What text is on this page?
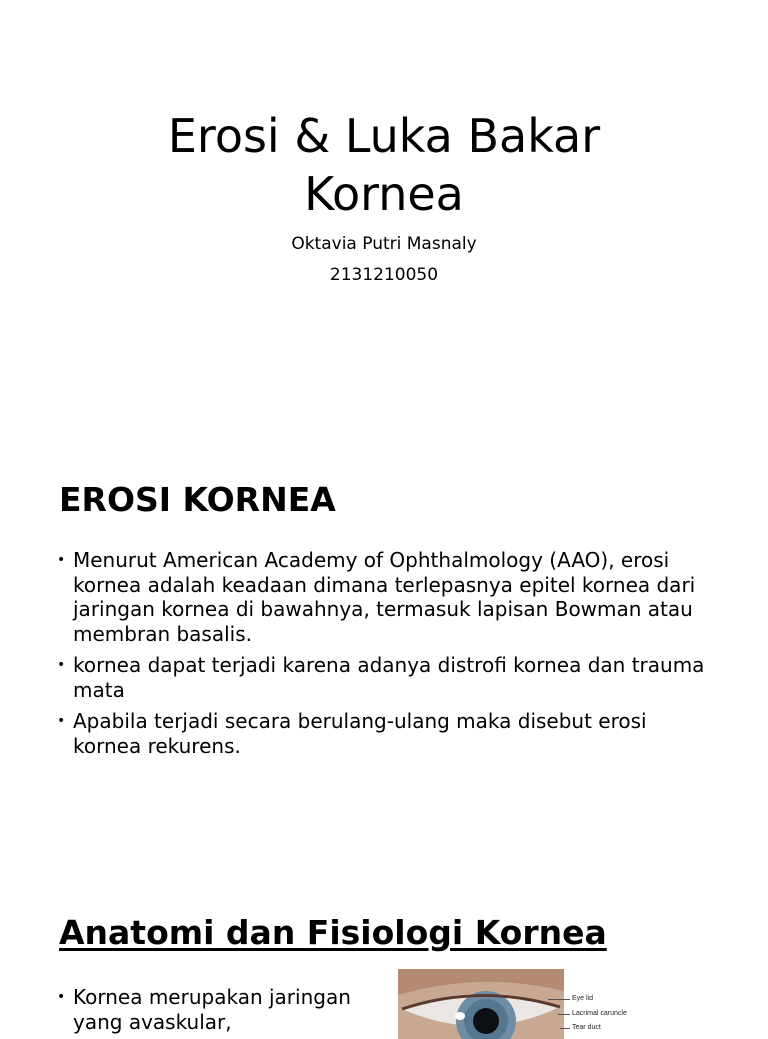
Erosi & Luka Bakar
Kornea
Oktavia Putri Masnaly
2131210050
EROSI KORNEA
• Menurut American Academy of Ophthalmology (AAO), erosi kornea adalah keadaan dimana terlepasnya epitel kornea dari jaringan kornea di bawahnya, termasuk lapisan Bowman atau membran basalis.
• kornea dapat terjadi karena adanya distrofi kornea dan trauma mata
• Apabila terjadi secara berulang-ulang maka disebut erosi kornea rekurens.
Anatomi dan Fisiologi Kornea
• Kornea merupakan jaringan yang avaskular,
Eye lid
Lacrimal caruncle
Tear duct
